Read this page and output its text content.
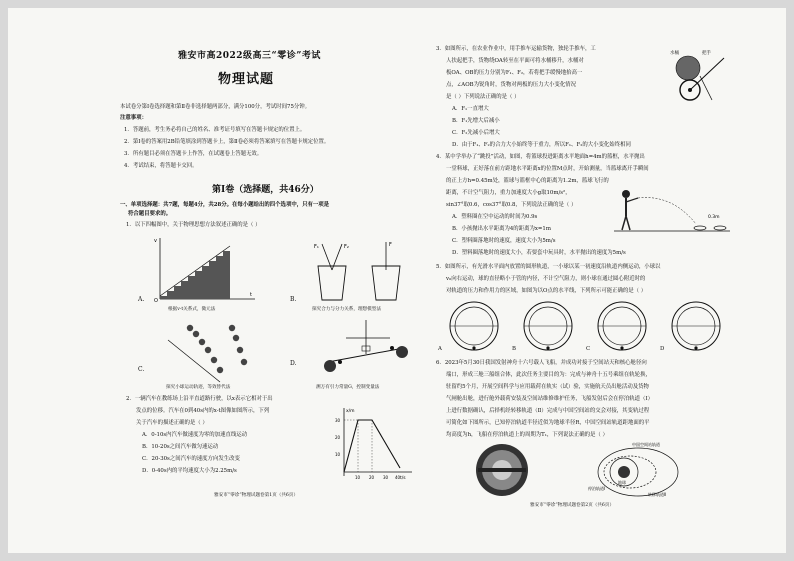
雅安市高2022级高三“零诊”考试
物理试题
本试卷分第Ⅰ卷选择题和第Ⅱ卷非选择题两部分，满分100分，考试时间75分钟。
注意事项：
1．答题前，考生务必将自己的姓名、准考证号填写在答题卡规定的位置上。
2．第Ⅰ卷的答案用2B铅笔填涂到答题卡上，第Ⅱ卷必须将答案填写在答题卡规定位置。
3．所有题目必须在答题卡上作答，在试题卷上答题无效。
4．考试结束，将答题卡交回。
第Ⅰ卷（选择题，共46分）
一、单项选择题：共7题，每题4分，共28分。在每小题给出的四个选项中，只有一项是
符合题目要求的。
1．以下四幅图中，关于物理思想方法叙述正确的是（ ）
v
t
O
A.
根据v-t关系式，微元法
F₁	F₂	F
B.
探究合力与分力关系，理想模型法
C.
探究小球运动轨迹，等效替代法
D.
测万有引力常量G，控制变量法
2．一辆汽车在教练场上沿平直道路行驶，以x表示它相对于出
发点的位移。汽车在0到40s内的x-t图像如图所示，下列
关于汽车的描述正确的是（ ）
A．0-10s内汽车做速度为零的加速直线运动
B．10-20s之间汽车做匀速运动
C．20-30s之间汽车的速度方向发生改变
D．0-40s内的平均速度大小为2.25m/s
x/m
t/s
30
20
10
10 20 30 40
雅安市“零诊”物理试题卷第1页（共6页）
3．如图所示，在农业作业中，用手推车运输货物，独轮手推车，工
人扶起把手，货物绕OA转至在平面可将水桶移升，水桶对
板OA、OB的压力分别为F₁、F₂，若将把手缓慢地抬高一
点，∠AOB为锐角时，货物对两板的压力大小变化情况
是（ ）下列说法正确的是（ ）
A．F₁一直增大
B．F₁先增大后减小
C．F₂先减小后增大
D．由于F₁、F₂的合力大小始终等于重力，所以F₁、F₂的大小变化始终相同
把手
水桶
4．某中学举办了“跳投”活动，如图，将篮球投进距离水平地面h=4m的篮框，水平抛出
一堂料球，正好落在前方距地水平距离x的位置M点时，开始测量，当篮球离开手瞬间
的正上方h=0.45m处，篮球与篮框中心的距离为1.2m，篮球飞行的
距离，不计空气阻力，重力加速度大小g取10m/s²，
sin37°取0.6，cos37°取0.8，下列说法正确的是（ ）
A．塑料圈在空中运动的时间为0.9s
B．小孩抛出水平距离为4的距离为x=1m
C．塑料圈落地时的速度，速度大小为5m/s
D．塑料圈落地时的速度大小，若要套中玩具时，水平抛出的速度为5m/s
0.3m
5．如图所示，有光滑水平面内放置的圆形轨道，一小球以某一初速度沿轨道内侧运动，小球以
v₀向右运动，球的直径略小于管的内径，不计空气阻力，则小球在通过圆心附近时的
对轨道的压力和作用力的区域，如图为以O点的水平线，下列所示可能正确的是（ ）
A	B	C	D
6．2023年5月30日我国发射神舟十六号载人飞船，并成功对接于空间站天和核心舱径向
端口，形成三舱三船组合体，此次任务主要目的为：完成与神舟十五号乘组在轨轮换，
驻留约5个月，开展空间科学与应用载荷在轨实（试）验，实施航天员出舱活动及货物
气闸舱出舱，进行舱外载荷安装及空间站维修维护任务，飞船发射后会在停泊轨道（Ⅰ）
上进行数据确认，后择机经转移轨道（Ⅱ）完成与中国空间站的交会对接，其变轨过程
可简化如下图所示，已知停泊轨道半径近似为地球半径R，中国空间站轨道距地面的平
均高度为h，飞船在停泊轨道上的周期为T₁，下列说法正确的是（ ）
中国空间站轨道
停泊轨道Ⅰ
转移轨道Ⅱ
地球
雅安市“零诊”物理试题卷第2页（共6页）
